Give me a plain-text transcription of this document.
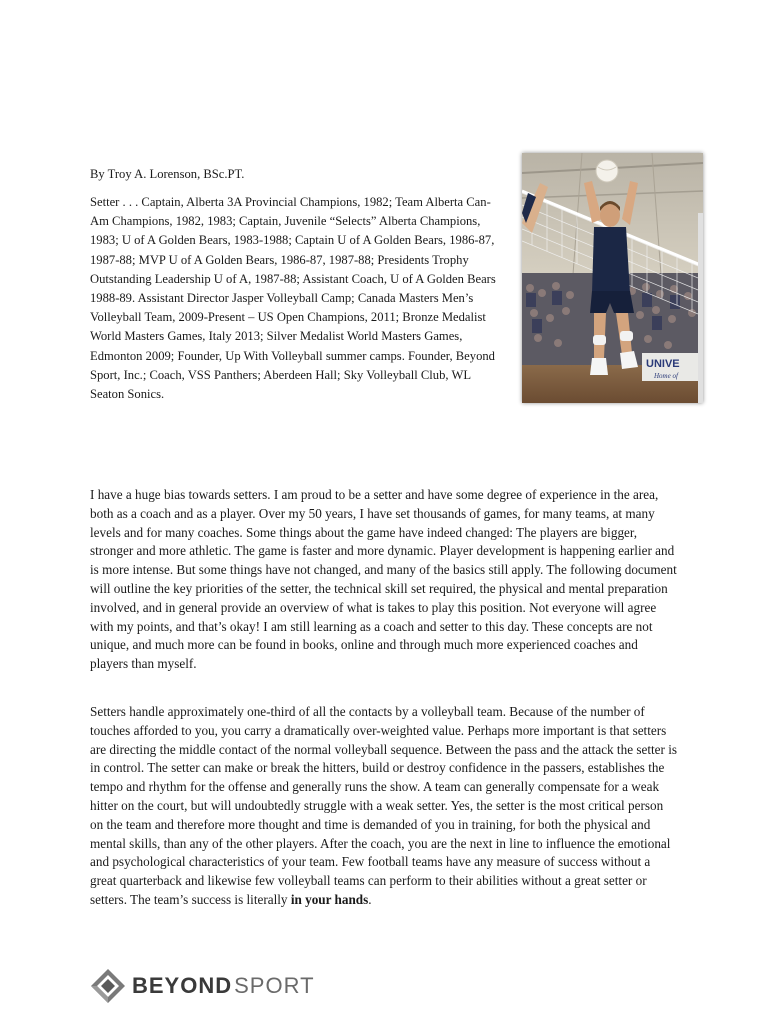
By Troy A. Lorenson, BSc.PT.

Setter . . . Captain, Alberta 3A Provincial Champions, 1982; Team Alberta Can-Am Champions, 1982, 1983; Captain, Juvenile “Selects” Alberta Champions, 1983; U of A Golden Bears, 1983-1988; Captain U of A Golden Bears, 1986-87, 1987-88; MVP U of A Golden Bears, 1986-87, 1987-88; Presidents Trophy Outstanding Leadership U of A, 1987-88; Assistant Coach, U of A Golden Bears 1988-89. Assistant Director Jasper Volleyball Camp; Canada Masters Men’s Volleyball Team, 2009-Present – US Open Champions, 2011; Bronze Medalist World Masters Games, Italy 2013; Silver Medalist World Masters Games, Edmonton 2009; Founder, Up With Volleyball summer camps. Founder, Beyond Sport, Inc.; Coach, VSS Panthers; Aberdeen Hall; Sky Volleyball Club, WL Seaton Sonics.

UNIVE
Home of

I have a huge bias towards setters. I am proud to be a setter and have some degree of experience in the area, both as a coach and as a player. Over my 50 years, I have set thousands of games, for many teams, at many levels and for many coaches. Some things about the game have indeed changed: The players are bigger, stronger and more athletic. The game is faster and more dynamic. Player development is happening earlier and is more intense. But some things have not changed, and many of the basics still apply. The following document will outline the key priorities of the setter, the technical skill set required, the physical and mental preparation involved, and in general provide an overview of what is takes to play this position. Not everyone will agree with my points, and that’s okay! I am still learning as a coach and setter to this day. These concepts are not unique, and much more can be found in books, online and through much more experienced coaches and players than myself.

Setters handle approximately one-third of all the contacts by a volleyball team. Because of the number of touches afforded to you, you carry a dramatically over-weighted value. Perhaps more important is that setters are directing the middle contact of the normal volleyball sequence. Between the pass and the attack the setter is in control. The setter can make or break the hitters, build or destroy confidence in the passers, establishes the tempo and rhythm for the offense and generally runs the show. A team can generally compensate for a weak hitter on the court, but will undoubtedly struggle with a weak setter. Yes, the setter is the most critical person on the team and therefore more thought and time is demanded of you in training, for both the physical and mental skills, than any of the other players. After the coach, you are the next in line to influence the emotional and psychological characteristics of your team. Few football teams have any measure of success without a great quarterback and likewise few volleyball teams can perform to their abilities without a great setter or setters. The team’s success is literally in your hands.

BEYOND SPORT
